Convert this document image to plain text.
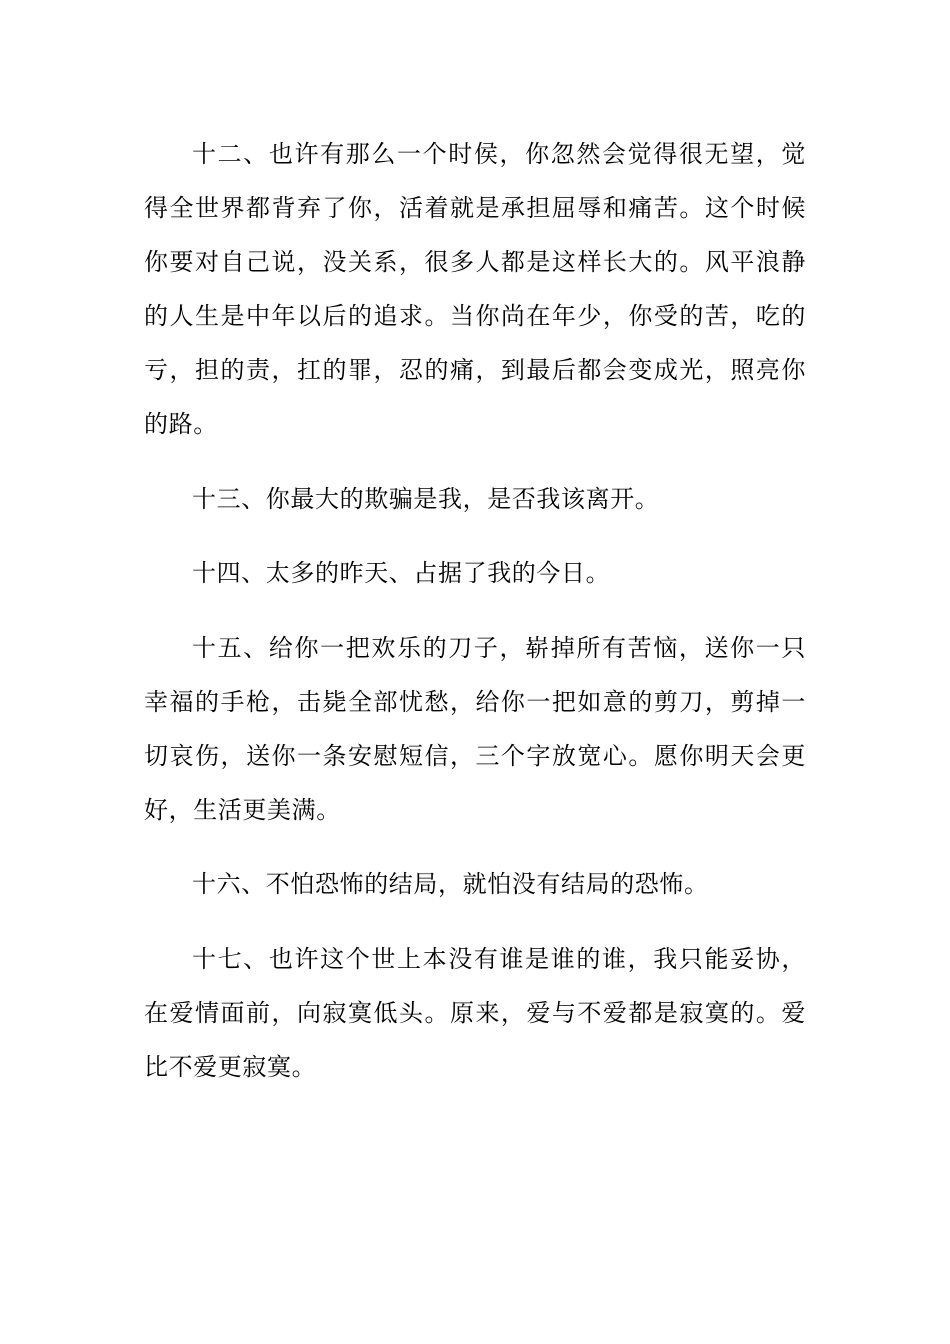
十二、也许有那么一个时侯，你忽然会觉得很无望，觉得全世界都背弃了你，活着就是承担屈辱和痛苦。这个时候你要对自己说，没关系，很多人都是这样长大的。风平浪静的人生是中年以后的追求。当你尚在年少，你受的苦，吃的亏，担的责，扛的罪，忍的痛，到最后都会变成光，照亮你的路。

十三、你最大的欺骗是我，是否我该离开。

十四、太多的昨天、占据了我的今日。

十五、给你一把欢乐的刀子，崭掉所有苦恼，送你一只幸福的手枪，击毙全部忧愁，给你一把如意的剪刀，剪掉一切哀伤，送你一条安慰短信，三个字放宽心。愿你明天会更好，生活更美满。

十六、不怕恐怖的结局，就怕没有结局的恐怖。

十七、也许这个世上本没有谁是谁的谁，我只能妥协，在爱情面前，向寂寞低头。原来，爱与不爱都是寂寞的。爱比不爱更寂寞。
